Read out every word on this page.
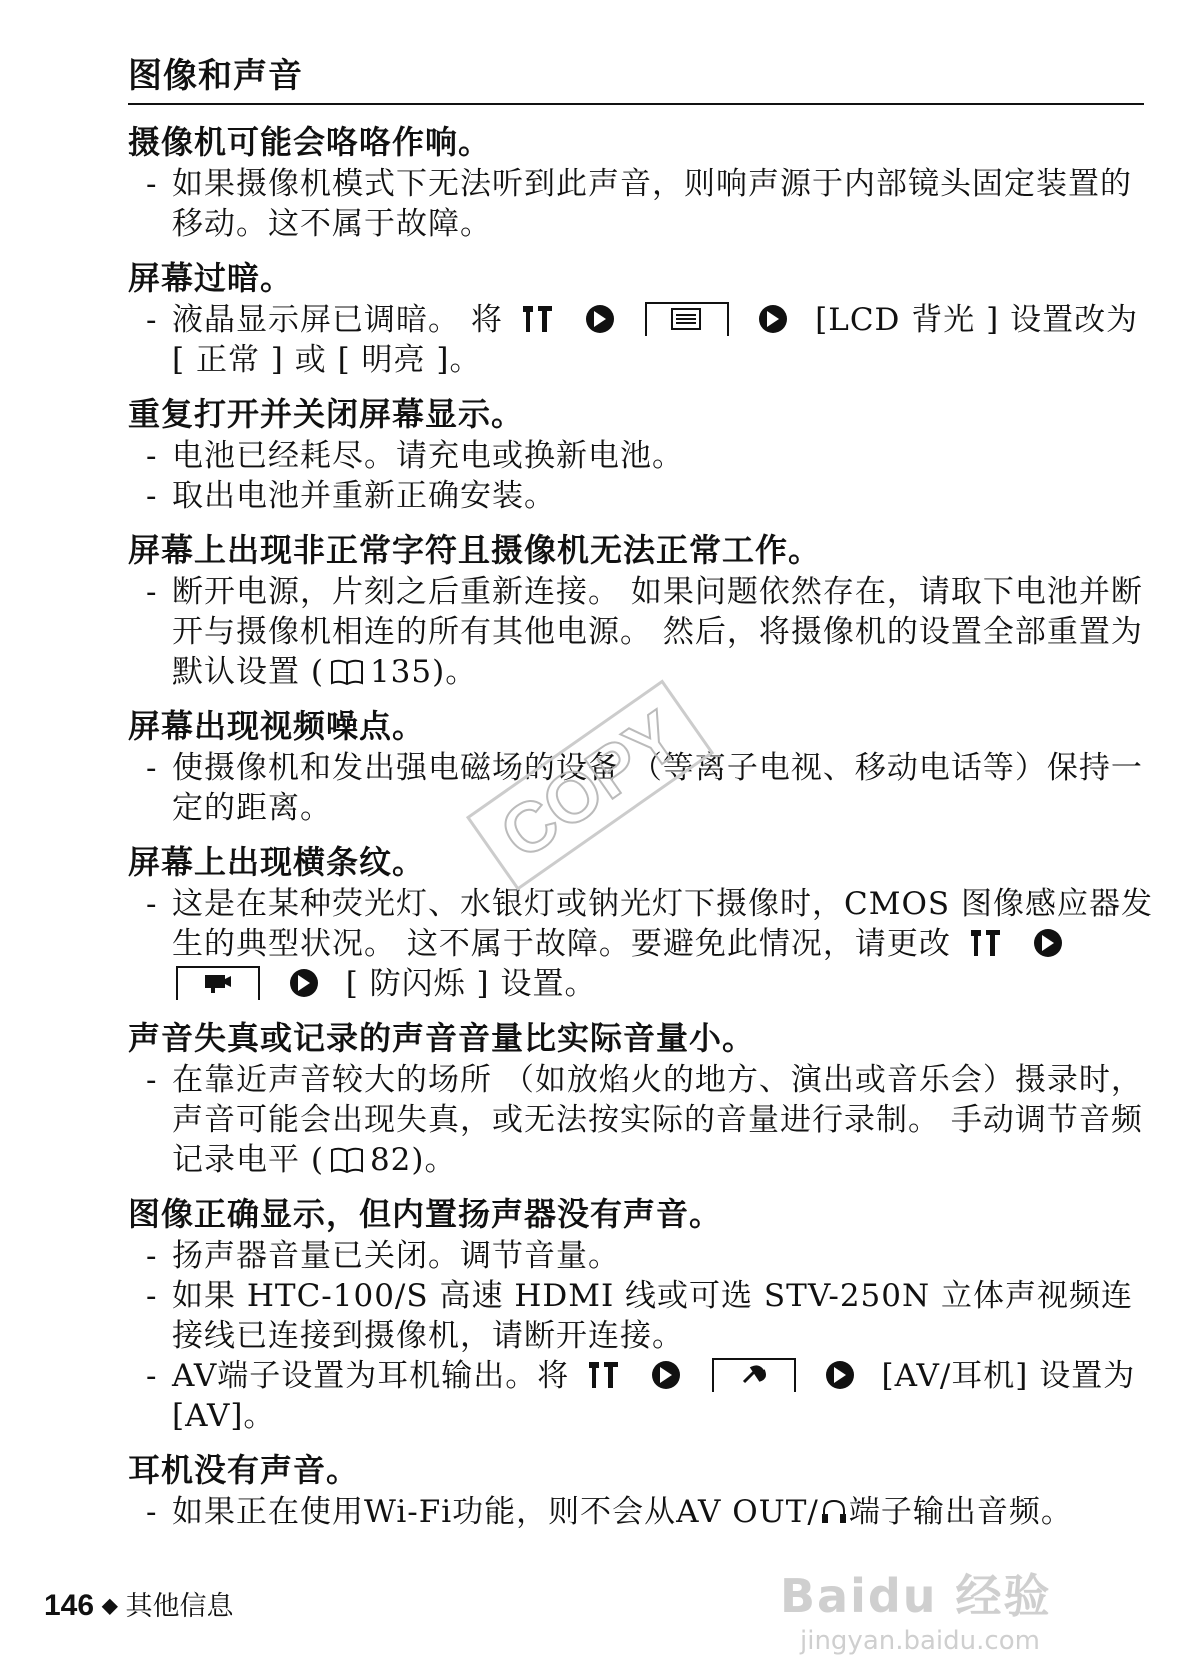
图像和声音
摄像机可能会咯咯作响。
- 如果摄像机模式下无法听到此声音，则响声源于内部镜头固定装置的移动。这不属于故障。
屏幕过暗。
- 液晶显示屏已调暗。 将	[LCD 背光 ] 设置改为 [ 正常 ] 或 [ 明亮 ]。
重复打开并关闭屏幕显示。
- 电池已经耗尽。请充电或换新电池。
- 取出电池并重新正确安装。
屏幕上出现非正常字符且摄像机无法正常工作。
- 断开电源，片刻之后重新连接。 如果问题依然存在，请取下电池并断开与摄像机相连的所有其他电源。 然后，将摄像机的设置全部重置为默认设置 ( 135)。
屏幕出现视频噪点。
- 使摄像机和发出强电磁场的设备 （等离子电视、移动电话等）保持一定的距离。
屏幕上出现横条纹。
- 这是在某种荧光灯、水银灯或钠光灯下摄像时，CMOS 图像感应器发生的典型状况。 这不属于故障。要避免此情况，请更改
[ 防闪烁 ] 设置。
声音失真或记录的声音音量比实际音量小。
- 在靠近声音较大的场所 （如放焰火的地方、演出或音乐会）摄录时，声音可能会出现失真，或无法按实际的音量进行录制。 手动调节音频记录电平 ( 82)。
图像正确显示，但内置扬声器没有声音。
- 扬声器音量已关闭。调节音量。
- 如果 HTC-100/S 高速 HDMI 线或可选 STV-250N 立体声视频连接线已连接到摄像机，请断开连接。
- AV端子设置为耳机输出。将	[AV/耳机] 设置为 [AV]。
耳机没有声音。
- 如果正在使用Wi-Fi功能，则不会从AV OUT/ 端子输出音频。
COPY
146 ◆ 其他信息	Baidu 经验
jingyan.baidu.com
